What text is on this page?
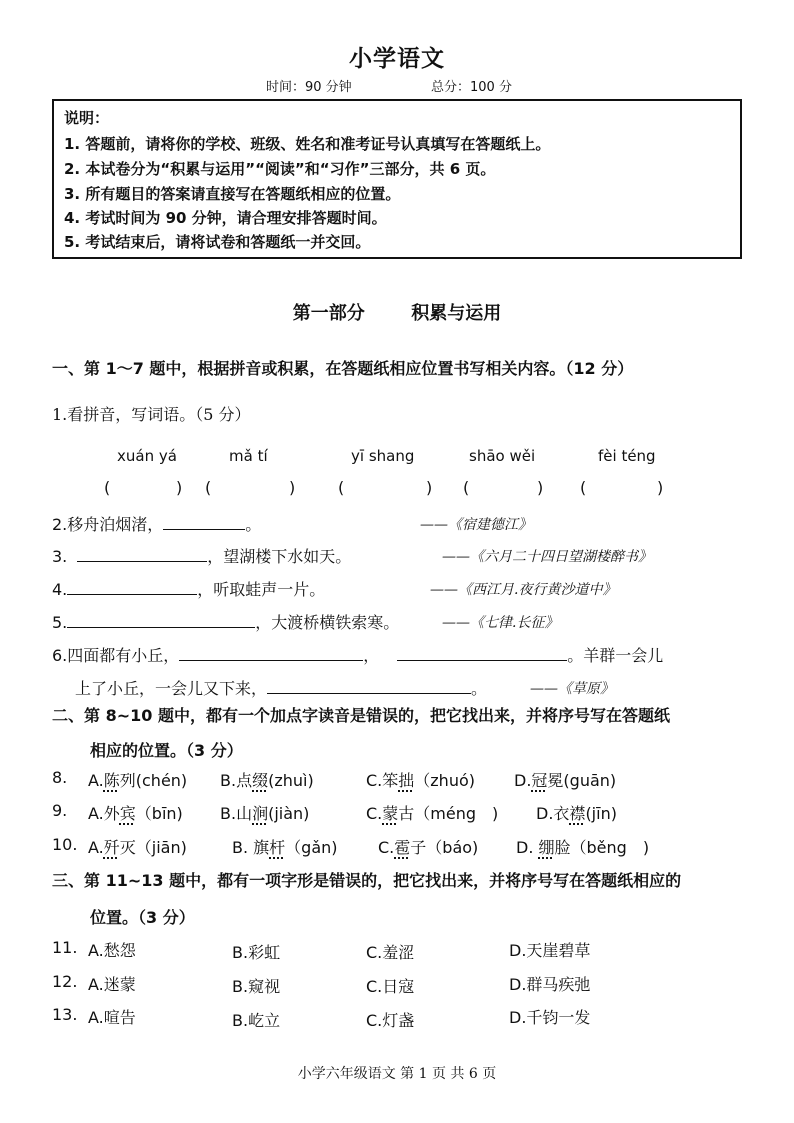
小学语文
时间：90 分钟	总分：100 分
说明：
1. 答题前，请将你的学校、班级、姓名和准考证号认真填写在答题纸上。
2. 本试卷分为“积累与运用”“阅读”和“习作”三部分，共 6 页。
3. 所有题目的答案请直接写在答题纸相应的位置。
4. 考试时间为 90 分钟，请合理安排答题时间。
5. 考试结束后，请将试卷和答题纸一并交回。
第一部分	积累与运用
一、第 1～7 题中，根据拼音或积累，在答题纸相应位置书写相关内容。（12 分）
1.看拼音，写词语。（5 分）
xuán yá	mǎ tí	yī shang	shāo wěi	fèi téng
(	) (	)	(	) (	) (	)
2.移舟泊烟渚，	。	——《宿建德江》
3.	，望湖楼下水如天。	——《六月二十四日望湖楼醉书》
4.	，听取蛙声一片。	——《西江月.夜行黄沙道中》
5.	，大渡桥横铁索寒。	——《七律.长征》
6.四面都有小丘，	，	。羊群一会儿
上了小丘，一会儿又下来，	。	——《草原》
二、第 8~10 题中，都有一个加点字读音是错误的，把它找出来，并将序号写在答题纸
相应的位置。（3 分）
8. A.陈列(chén) B.点缀(zhuì)	C.笨拙（zhuó) D.冠冕(guān)
9. A.外宾（bīn) B.山涧(jiàn)	C.蒙古（méng　) D.衣襟(jīn)
10. A.歼灭（jiān)	B. 旗杆（gǎn)	C.雹子（báo) D. 绷脸（běng　)
三、第 11~13 题中，都有一项字形是错误的，把它找出来，并将序号写在答题纸相应的
位置。（3 分）
11. A.愁怨	B.彩虹	C.羞涩	D.天崖碧草
12. A.迷蒙	B.窥视	C.日寇	D.群马疾弛
13. A.喧告	B.屹立	C.灯盏	D.千钧一发
小学六年级语文 第 1 页 共 6 页
